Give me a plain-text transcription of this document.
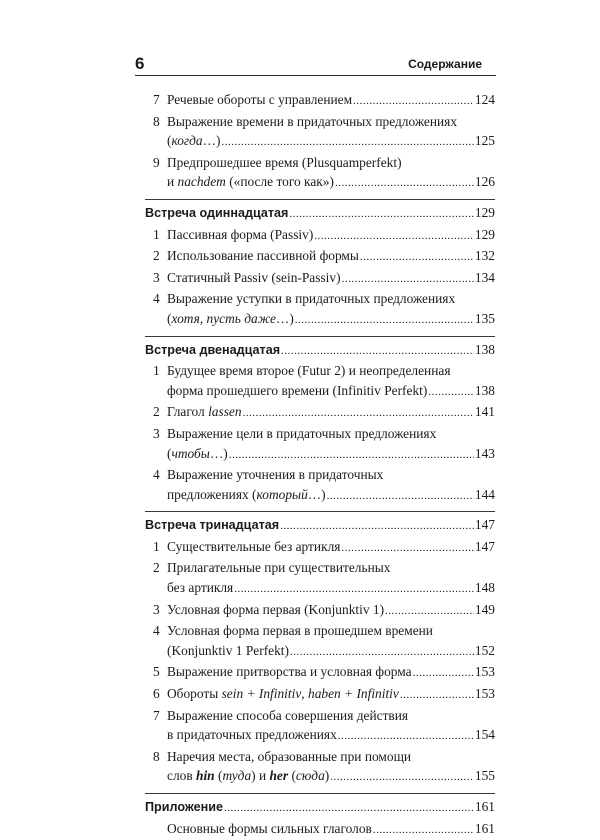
6	Содержание
7 Речевые обороты с управлением .....	124
8 Выражение времени в придаточных предложениях
(когда…) .....	125
9 Предпрошедшее время (Plusquamperfekt)
и nachdem («после того как») .....	126
Встреча одиннадцатая .....	129
1 Пассивная форма (Passiv) .....	129
2 Использование пассивной формы .....	132
3 Статичный Passiv (sein-Passiv) .....	134
4 Выражение уступки в придаточных предложениях
(хотя, пусть даже…) .....	135
Встреча двенадцатая .....	138
1 Будущее время второе (Futur 2) и неопределенная
форма прошедшего времени (Infinitiv Perfekt) .....	138
2 Глагол lassen .....	141
3 Выражение цели в придаточных предложениях
(чтобы…) .....	143
4 Выражение уточнения в придаточных
предложениях (который…) .....	144
Встреча тринадцатая .....	147
1 Существительные без артикля .....	147
2 Прилагательные при существительных
без артикля .....	148
3 Условная форма первая (Konjunktiv 1) .....	149
4 Условная форма первая в прошедшем времени
(Konjunktiv 1 Perfekt) .....	152
5 Выражение притворства и условная форма .....	153
6 Обороты sein + Infinitiv, haben + Infinitiv .....	153
7 Выражение способа совершения действия
в придаточных предложениях .....	154
8 Наречия места, образованные при помощи
слов hin (туда) и her (сюда) .....	155
Приложение .....	161
Основные формы сильных глаголов .....	161
